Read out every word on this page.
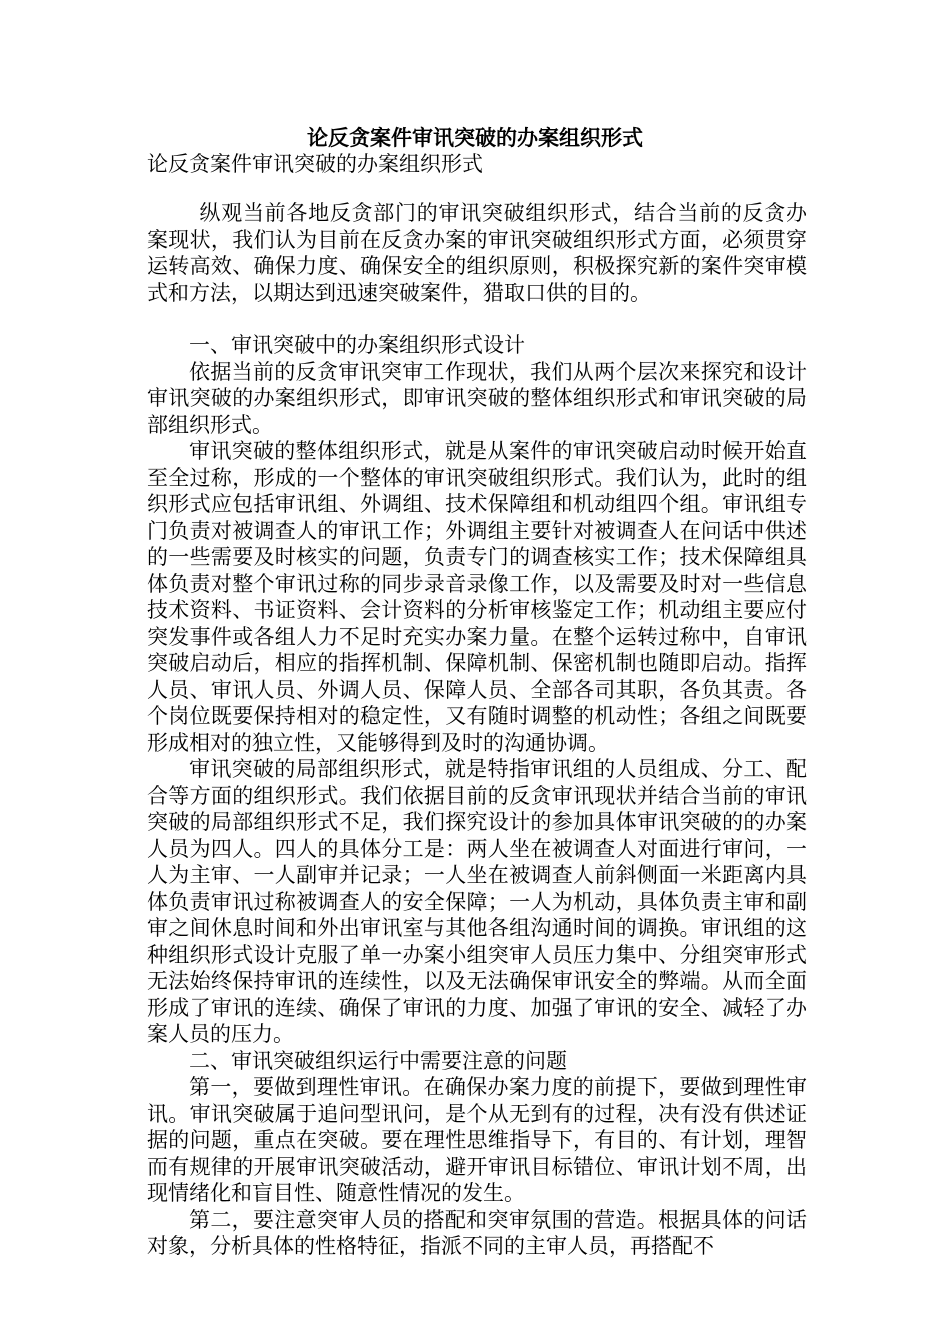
论反贪案件审讯突破的办案组织形式
论反贪案件审讯突破的办案组织形式

纵观当前各地反贪部门的审讯突破组织形式，结合当前的反贪办案现状，我们认为目前在反贪办案的审讯突破组织形式方面，必须贯穿运转高效、确保力度、确保安全的组织原则，积极探究新的案件突审模式和方法，以期达到迅速突破案件，猎取口供的目的。

一、审讯突破中的办案组织形式设计

依据当前的反贪审讯突审工作现状，我们从两个层次来探究和设计审讯突破的办案组织形式，即审讯突破的整体组织形式和审讯突破的局部组织形式。

审讯突破的整体组织形式，就是从案件的审讯突破启动时候开始直至全过称，形成的一个整体的审讯突破组织形式。我们认为，此时的组织形式应包括审讯组、外调组、技术保障组和机动组四个组。审讯组专门负责对被调查人的审讯工作；外调组主要针对被调查人在问话中供述的一些需要及时核实的问题，负责专门的调查核实工作；技术保障组具体负责对整个审讯过称的同步录音录像工作，以及需要及时对一些信息技术资料、书证资料、会计资料的分析审核鉴定工作；机动组主要应付突发事件或各组人力不足时充实办案力量。在整个运转过称中，自审讯突破启动后，相应的指挥机制、保障机制、保密机制也随即启动。指挥人员、审讯人员、外调人员、保障人员、全部各司其职，各负其责。各个岗位既要保持相对的稳定性，又有随时调整的机动性；各组之间既要形成相对的独立性，又能够得到及时的沟通协调。

审讯突破的局部组织形式，就是特指审讯组的人员组成、分工、配合等方面的组织形式。我们依据目前的反贪审讯现状并结合当前的审讯突破的局部组织形式不足，我们探究设计的参加具体审讯突破的的办案人员为四人。四人的具体分工是：两人坐在被调查人对面进行审问，一人为主审、一人副审并记录；一人坐在被调查人前斜侧面一米距离内具体负责审讯过称被调查人的安全保障；一人为机动，具体负责主审和副审之间休息时间和外出审讯室与其他各组沟通时间的调换。审讯组的这种组织形式设计克服了单一办案小组突审人员压力集中、分组突审形式无法始终保持审讯的连续性，以及无法确保审讯安全的弊端。从而全面形成了审讯的连续、确保了审讯的力度、加强了审讯的安全、减轻了办案人员的压力。

二、审讯突破组织运行中需要注意的问题

第一，要做到理性审讯。在确保办案力度的前提下，要做到理性审讯。审讯突破属于追问型讯问，是个从无到有的过程，决有没有供述证据的问题，重点在突破。要在理性思维指导下，有目的、有计划，理智而有规律的开展审讯突破活动，避开审讯目标错位、审讯计划不周，出现情绪化和盲目性、随意性情况的发生。

第二，要注意突审人员的搭配和突审氛围的营造。根据具体的问话对象，分析具体的性格特征，指派不同的主审人员，再搭配不
